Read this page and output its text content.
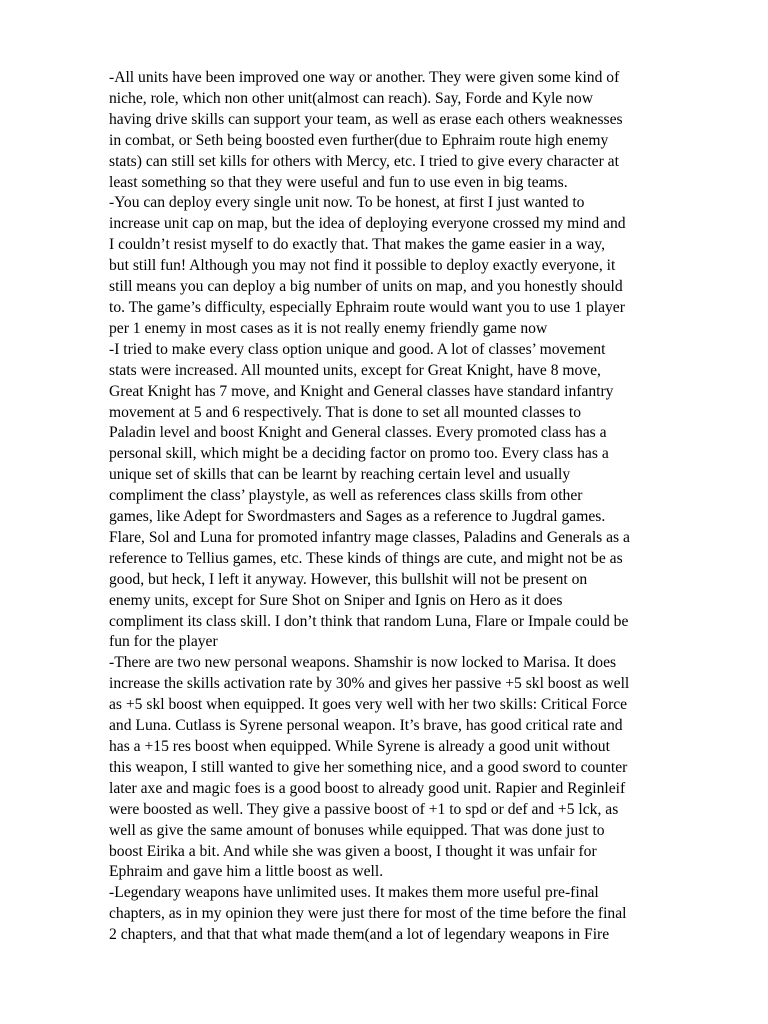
-All units have been improved one way or another. They were given some kind of
niche, role, which non other unit(almost can reach). Say, Forde and Kyle now
having drive skills can support your team, as well as erase each others weaknesses
in combat, or Seth being boosted even further(due to Ephraim route high enemy
stats) can still set kills for others with Mercy, etc. I tried to give every character at
least something so that they were useful and fun to use even in big teams.
-You can deploy every single unit now. To be honest, at first I just wanted to
increase unit cap on map, but the idea of deploying everyone crossed my mind and
I couldn’t resist myself to do exactly that. That makes the game easier in a way,
but still fun! Although you may not find it possible to deploy exactly everyone, it
still means you can deploy a big number of units on map, and you honestly should
to. The game’s difficulty, especially Ephraim route would want you to use 1 player
per 1 enemy in most cases as it is not really enemy friendly game now
-I tried to make every class option unique and good. A lot of classes’ movement
stats were increased. All mounted units, except for Great Knight, have 8 move,
Great Knight has 7 move, and Knight and General classes have standard infantry
movement at 5 and 6 respectively. That is done to set all mounted classes to
Paladin level and boost Knight and General classes. Every promoted class has a
personal skill, which might be a deciding factor on promo too. Every class has a
unique set of skills that can be learnt by reaching certain level and usually
compliment the class’ playstyle, as well as references class skills from other
games, like Adept for Swordmasters and Sages as a reference to Jugdral games.
Flare, Sol and Luna for promoted infantry mage classes, Paladins and Generals as a
reference to Tellius games, etc. These kinds of things are cute, and might not be as
good, but heck, I left it anyway. However, this bullshit will not be present on
enemy units, except for Sure Shot on Sniper and Ignis on Hero as it does
compliment its class skill. I don’t think that random Luna, Flare or Impale could be
fun for the player
-There are two new personal weapons. Shamshir is now locked to Marisa. It does
increase the skills activation rate by 30% and gives her passive +5 skl boost as well
as +5 skl boost when equipped. It goes very well with her two skills: Critical Force
and Luna. Cutlass is Syrene personal weapon. It’s brave, has good critical rate and
has a +15 res boost when equipped. While Syrene is already a good unit without
this weapon, I still wanted to give her something nice, and a good sword to counter
later axe and magic foes is a good boost to already good unit. Rapier and Reginleif
were boosted as well. They give a passive boost of +1 to spd or def and +5 lck, as
well as give the same amount of bonuses while equipped. That was done just to
boost Eirika a bit. And while she was given a boost, I thought it was unfair for
Ephraim and gave him a little boost as well.
-Legendary weapons have unlimited uses. It makes them more useful pre-final
chapters, as in my opinion they were just there for most of the time before the final
2 chapters, and that that what made them(and a lot of legendary weapons in Fire
